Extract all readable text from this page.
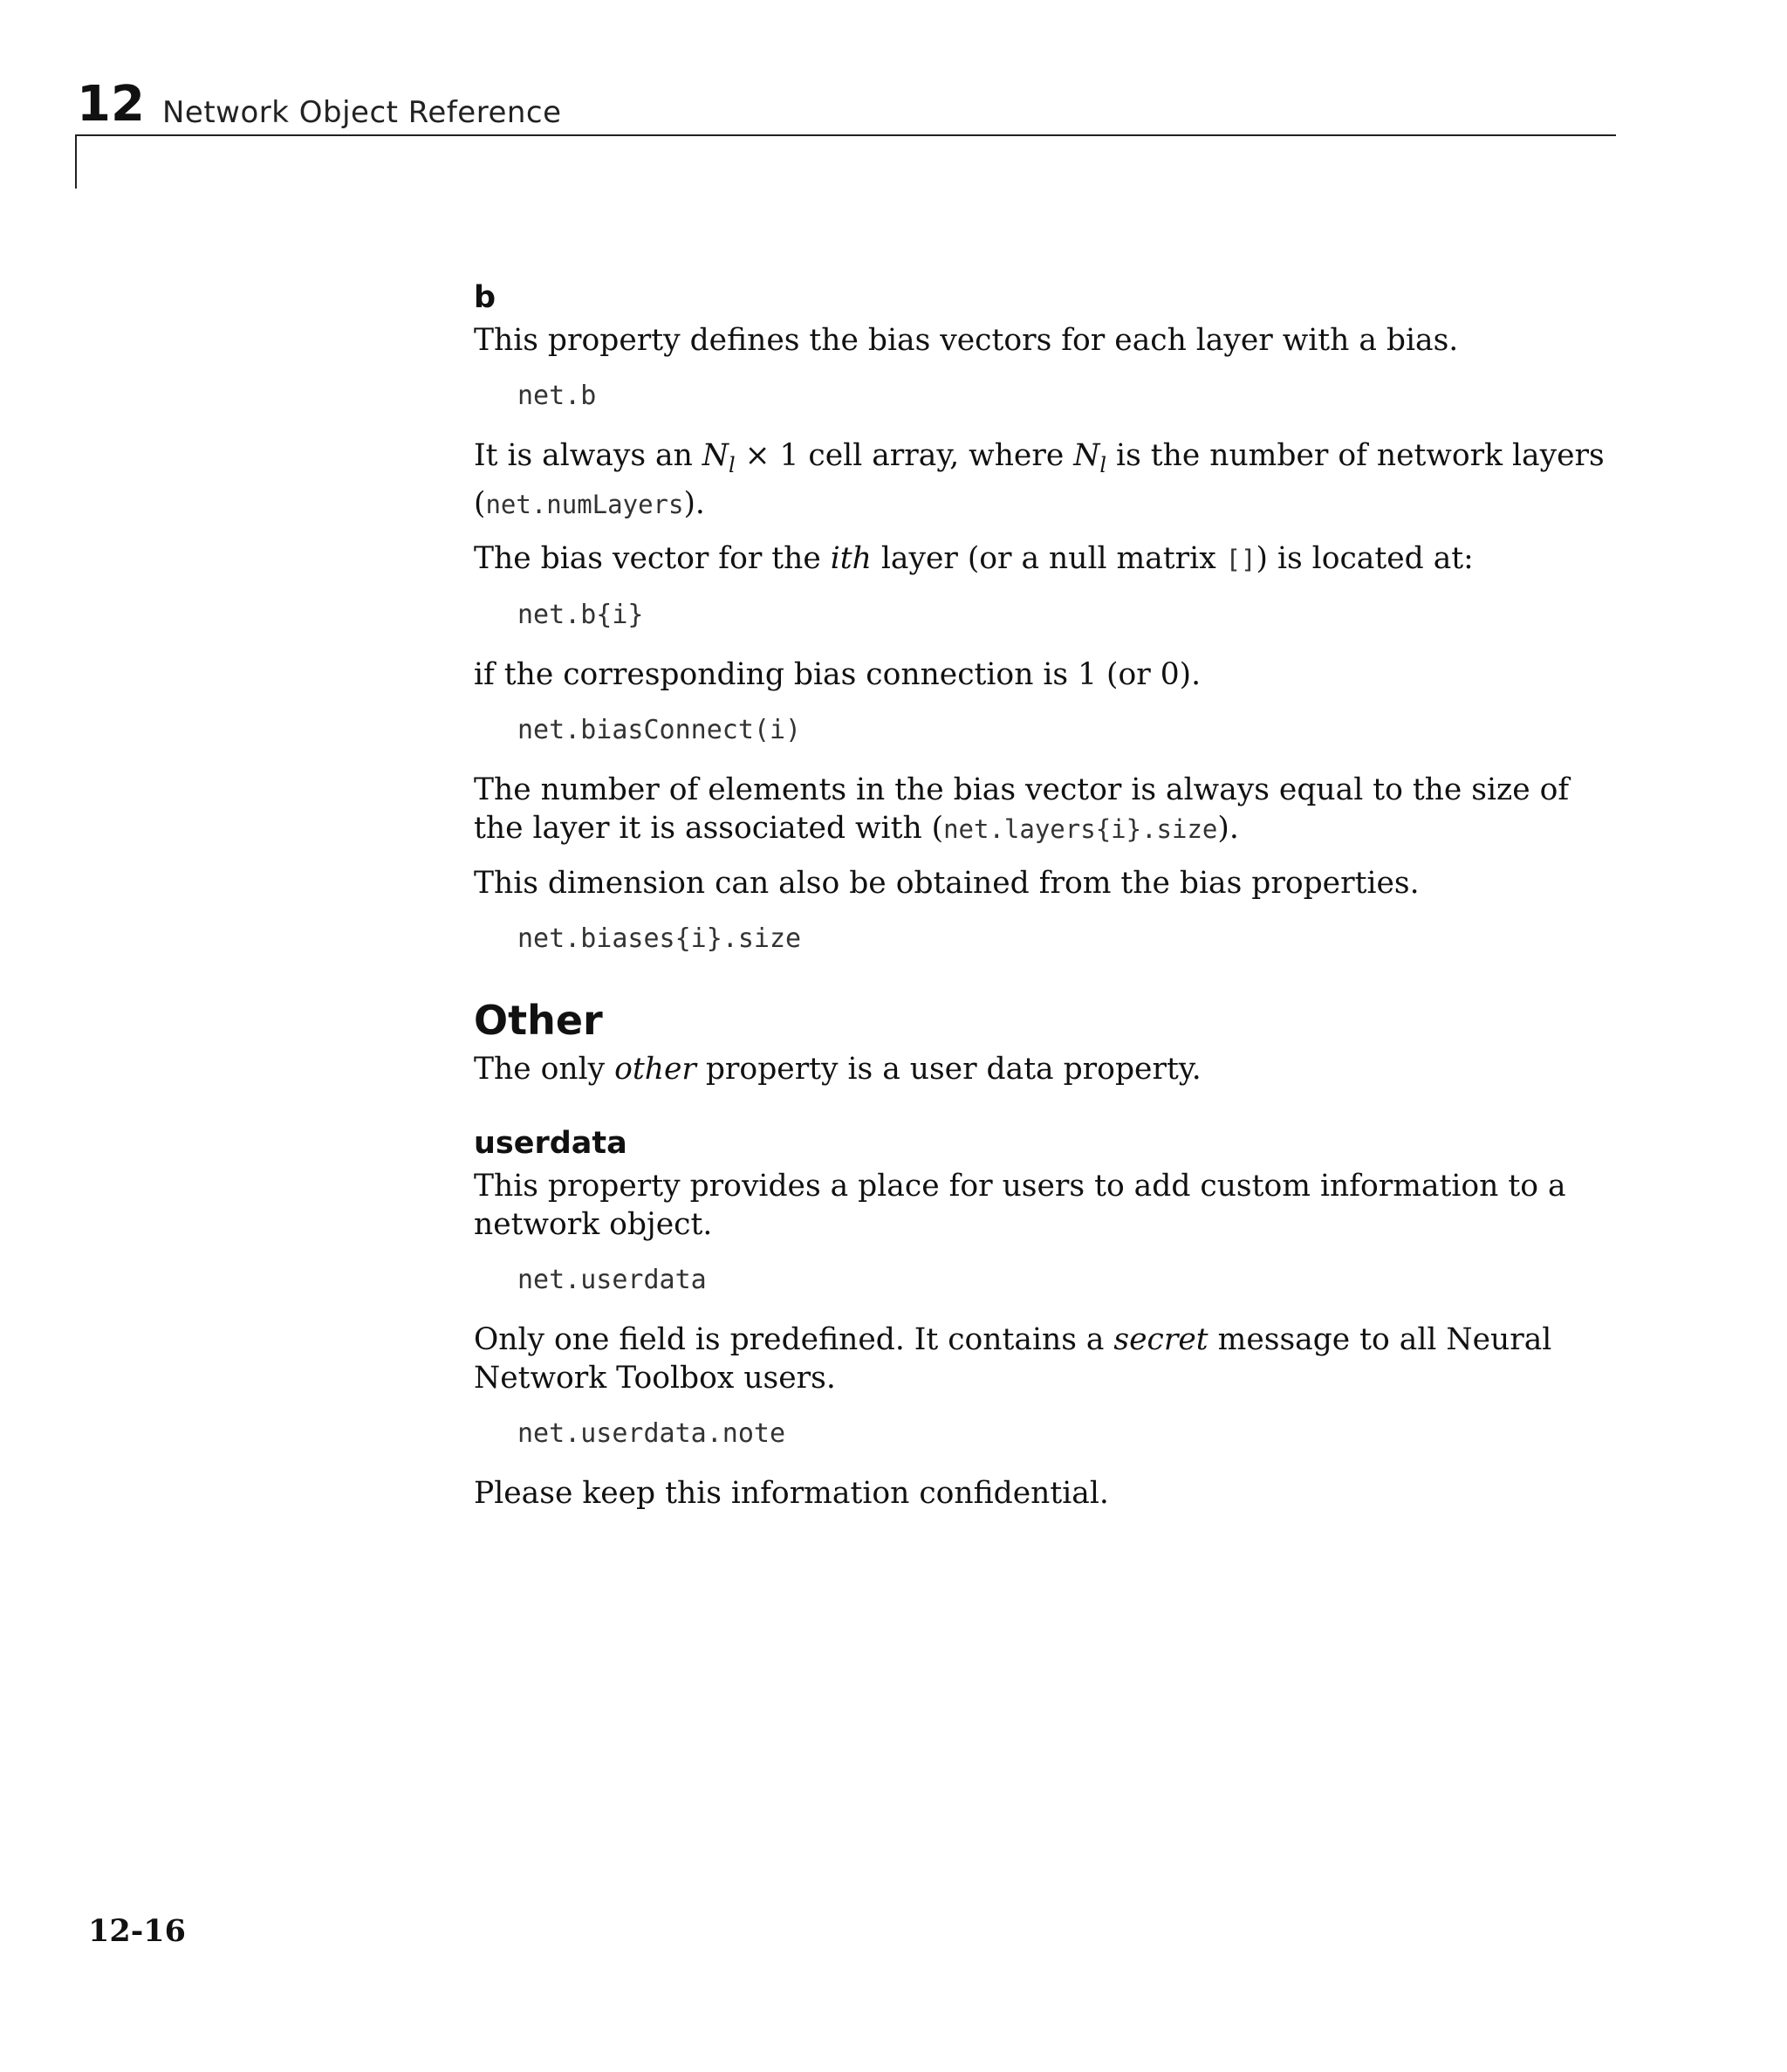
12 Network Object Reference
b

This property defines the bias vectors for each layer with a bias.

net.b

It is always an $N_l \times 1$ cell array, where $N_l$ is the number of network layers (net.numLayers).

The bias vector for the ith layer (or a null matrix []) is located at:

net.b{i}

if the corresponding bias connection is 1 (or 0).

net.biasConnect(i)

The number of elements in the bias vector is always equal to the size of the layer it is associated with (net.layers{i}.size).

This dimension can also be obtained from the bias properties.

net.biases{i}.size
Other

The only other property is a user data property.

userdata

This property provides a place for users to add custom information to a network object.

net.userdata

Only one field is predefined. It contains a secret message to all Neural Network Toolbox users.

net.userdata.note

Please keep this information confidential.

12-16
